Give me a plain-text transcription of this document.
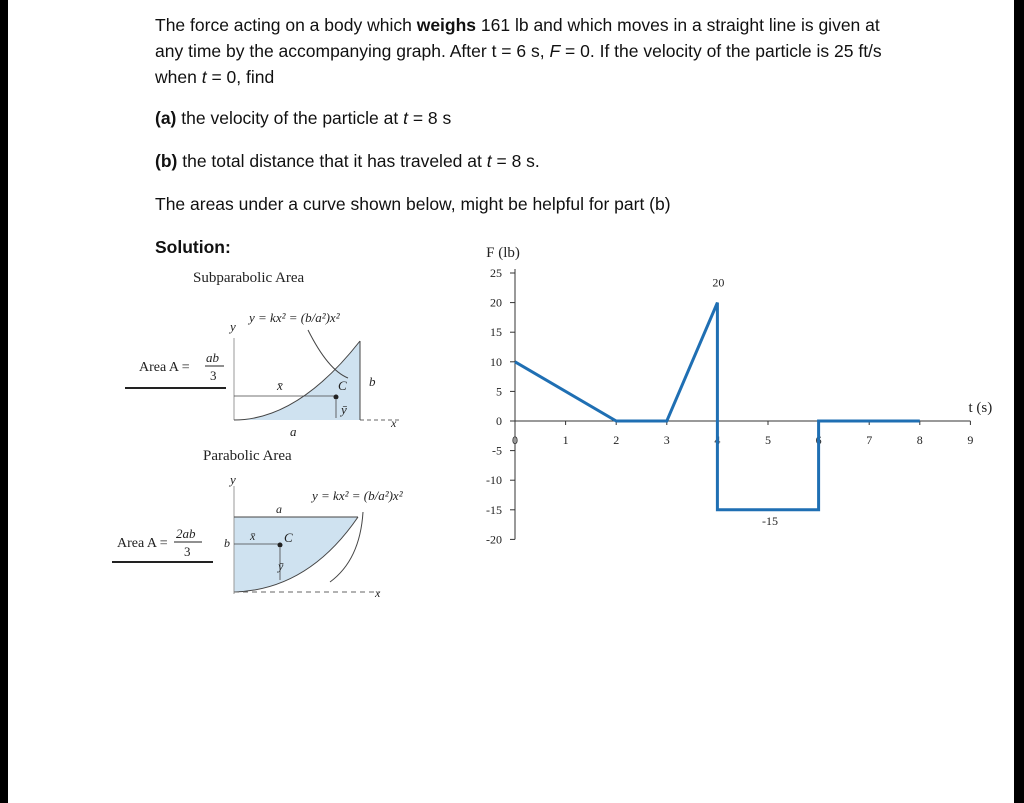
The force acting on a body which weighs 161 lb and which moves in a straight line is given at any time by the accompanying graph. After t = 6 s, F = 0. If the velocity of the particle is 25 ft/s when t = 0, find
(a) the velocity of the particle at t = 8 s
(b) the total distance that it has traveled at t = 8 s.
The areas under a curve shown below, might be helpful for part (b)
Solution:
Subparabolic Area
Area A =
ab
3
y
y = kx² = (b/a²)x²
x̄	C
ȳ
b
a
x
Parabolic Area
Area A =
2ab
3
y
y = kx² = (b/a²)x²
a
b x̄ C
ȳ
x
25
20
15
10
5
0
-5
-10
-15
-20
0	1	2	3	4	5	6	7	8	9
F (lb)
t (s)
20
-15
